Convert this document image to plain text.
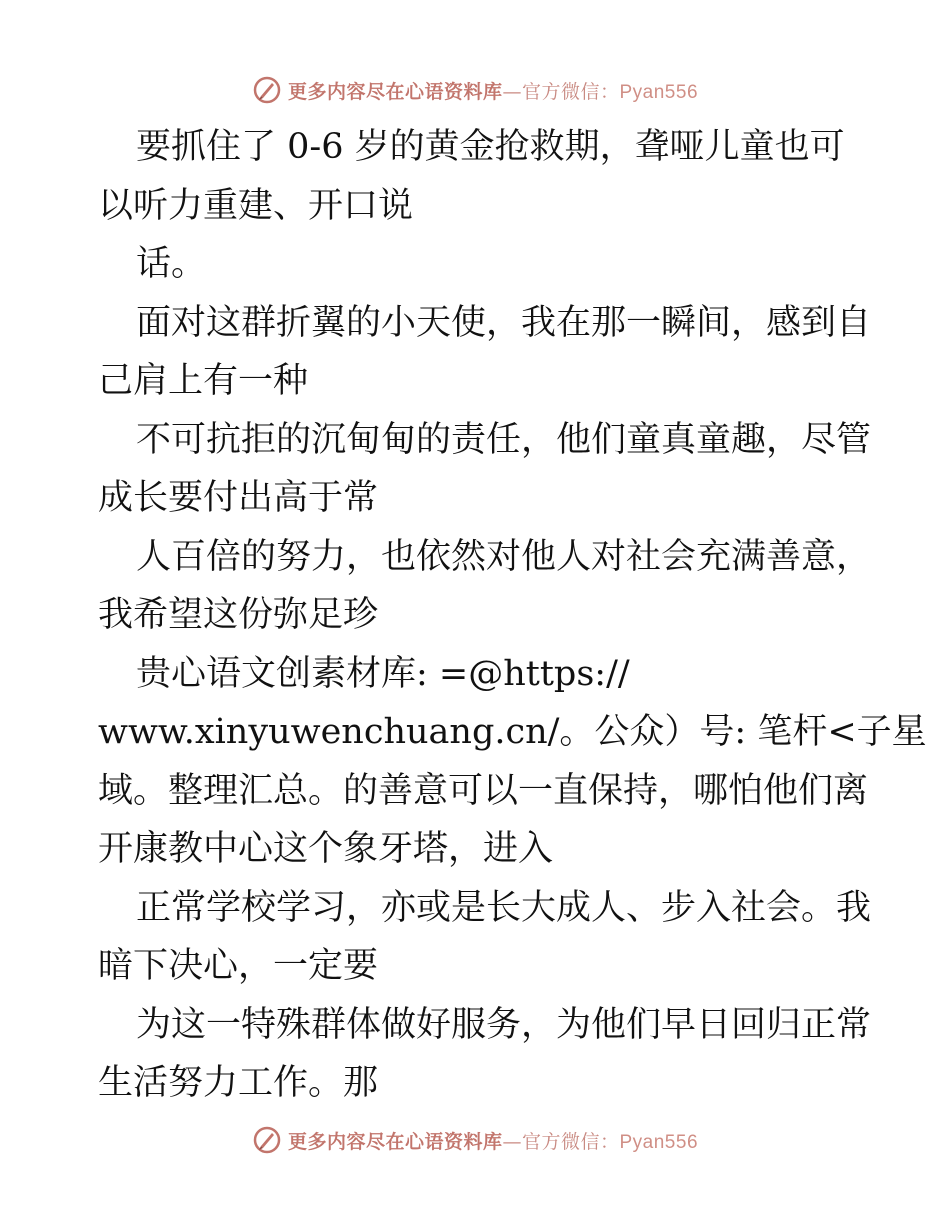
更多内容尽在心语资料库—官方微信：Pyan556
要抓住了 0-6 岁的黄金抢救期，聋哑儿童也可
以听力重建、开口说
话。
面对这群折翼的小天使，我在那一瞬间，感到自
己肩上有一种
不可抗拒的沉甸甸的责任，他们童真童趣，尽管
成长要付出高于常
人百倍的努力，也依然对他人对社会充满善意，
我希望这份弥足珍
贵心语文创素材库: =@https://
www.xinyuwenchuang.cn/。公众）号: 笔杆<子星
域。整理汇总。的善意可以一直保持，哪怕他们离
开康教中心这个象牙塔，进入
正常学校学习，亦或是长大成人、步入社会。我
暗下决心，一定要
为这一特殊群体做好服务，为他们早日回归正常
生活努力工作。那
更多内容尽在心语资料库—官方微信：Pyan556
